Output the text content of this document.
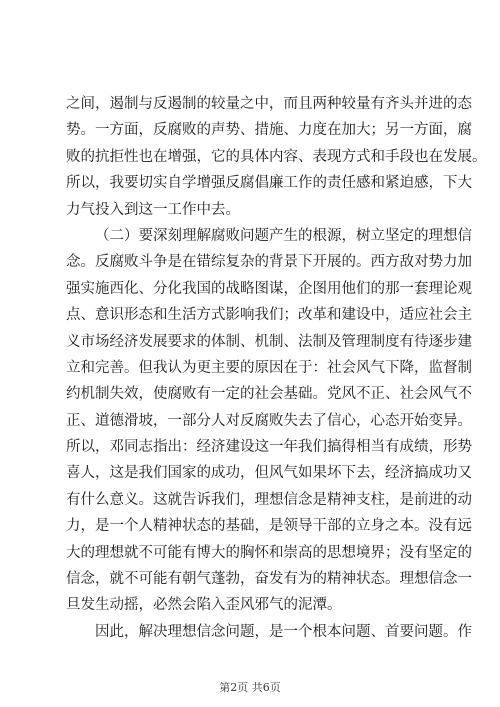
之间，遏制与反遏制的较量之中，而且两种较量有齐头并进的态
势。一方面，反腐败的声势、措施、力度在加大；另一方面，腐
败的抗拒性也在增强，它的具体内容、表现方式和手段也在发展。
所以，我要切实自学增强反腐倡廉工作的责任感和紧迫感，下大
力气投入到这一工作中去。
（二）要深刻理解腐败问题产生的根源，树立坚定的理想信
念。反腐败斗争是在错综复杂的背景下开展的。西方敌对势力加
强实施西化、分化我国的战略图谋，企图用他们的那一套理论观
点、意识形态和生活方式影响我们；改革和建设中，适应社会主
义市场经济发展要求的体制、机制、法制及管理制度有待逐步建
立和完善。但我认为更主要的原因在于：社会风气下降，监督制
约机制失效，使腐败有一定的社会基础。党风不正、社会风气不
正、道德滑坡，一部分人对反腐败失去了信心，心态开始变异。
所以，邓同志指出：经济建设这一年我们搞得相当有成绩，形势
喜人，这是我们国家的成功，但风气如果坏下去，经济搞成功又
有什么意义。这就告诉我们，理想信念是精神支柱，是前进的动
力，是一个人精神状态的基础，是领导干部的立身之本。没有远
大的理想就不可能有博大的胸怀和崇高的思想境界；没有坚定的
信念，就不可能有朝气蓬勃，奋发有为的精神状态。理想信念一
旦发生动摇，必然会陷入歪风邪气的泥潭。
因此，解决理想信念问题，是一个根本问题、首要问题。作
第2页 共6页
